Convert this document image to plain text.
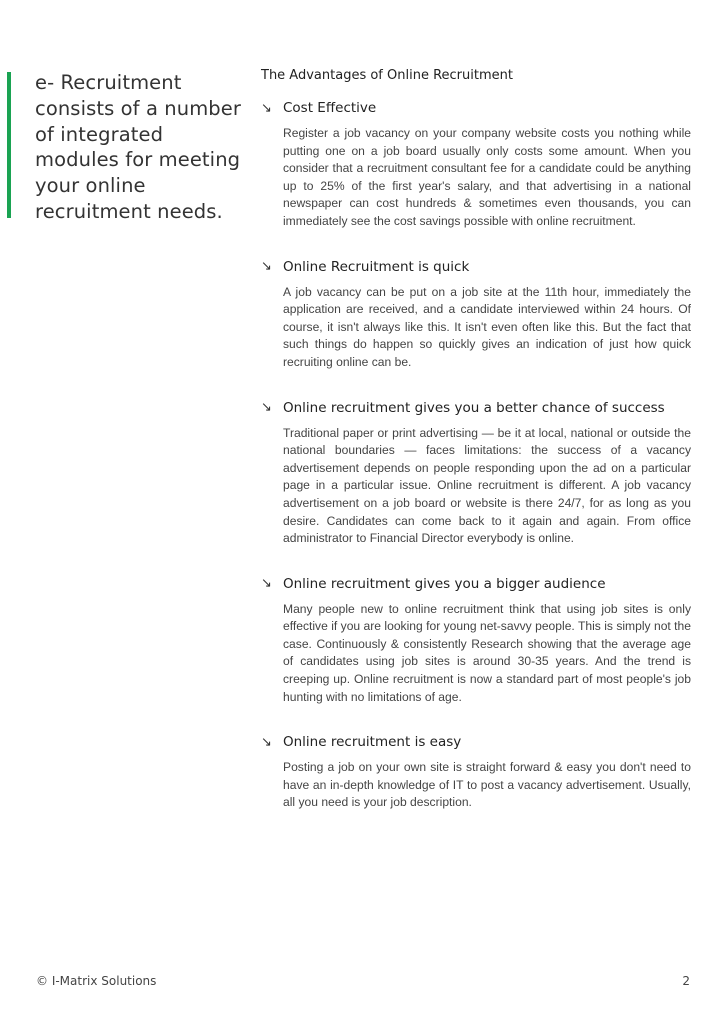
e- Recruitment consists of a number of integrated modules for meeting your online recruitment needs.

The Advantages of Online Recruitment
↘ Cost Effective

Register a job vacancy on your company website costs you nothing while putting one on a job board usually only costs some amount. When you consider that a recruitment consultant fee for a candidate could be anything up to 25% of the first year's salary, and that advertising in a national newspaper can cost hundreds & sometimes even thousands, you can immediately see the cost savings possible with online recruitment.

↘ Online Recruitment is quick

A job vacancy can be put on a job site at the 11th hour, immediately the application are received, and a candidate interviewed within 24 hours. Of course, it isn't always like this. It isn't even often like this. But the fact that such things do happen so quickly gives an indication of just how quick recruiting online can be.

↘ Online recruitment gives you a better chance of success

Traditional paper or print advertising — be it at local, national or outside the national boundaries — faces limitations: the success of a vacancy advertisement depends on people responding upon the ad on a particular page in a particular issue. Online recruitment is different. A job vacancy advertisement on a job board or website is there 24/7, for as long as you desire. Candidates can come back to it again and again. From office administrator to Financial Director everybody is online.

↘ Online recruitment gives you a bigger audience

Many people new to online recruitment think that using job sites is only effective if you are looking for young net-savvy people. This is simply not the case. Continuously & consistently Research showing that the average age of candidates using job sites is around 30-35 years. And the trend is creeping up. Online recruitment is now a standard part of most people's job hunting with no limitations of age.

↘ Online recruitment is easy

Posting a job on your own site is straight forward & easy you don't need to have an in-depth knowledge of IT to post a vacancy advertisement. Usually, all you need is your job description.

© I-Matrix Solutions	2
